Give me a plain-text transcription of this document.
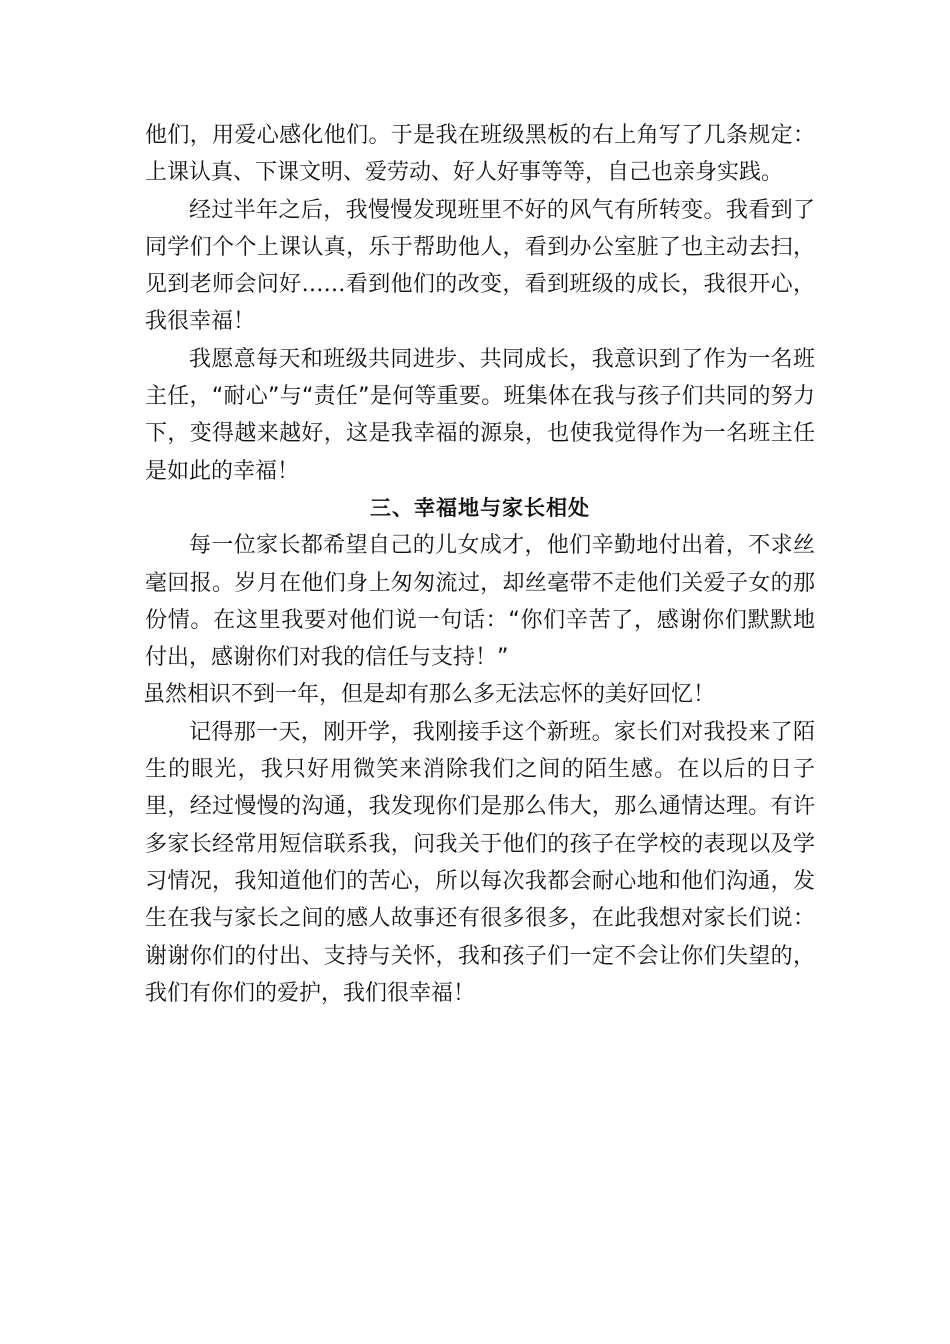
他们，用爱心感化他们。于是我在班级黑板的右上角写了几条规定：上课认真、下课文明、爱劳动、好人好事等等，自己也亲身实践。

经过半年之后，我慢慢发现班里不好的风气有所转变。我看到了同学们个个上课认真，乐于帮助他人，看到办公室脏了也主动去扫，见到老师会问好……看到他们的改变，看到班级的成长，我很开心，我很幸福！

我愿意每天和班级共同进步、共同成长，我意识到了作为一名班主任，“耐心”与“责任”是何等重要。班集体在我与孩子们共同的努力下，变得越来越好，这是我幸福的源泉，也使我觉得作为一名班主任是如此的幸福！

三、幸福地与家长相处

每一位家长都希望自己的儿女成才，他们辛勤地付出着，不求丝毫回报。岁月在他们身上匆匆流过，却丝毫带不走他们关爱子女的那份情。在这里我要对他们说一句话：“你们辛苦了，感谢你们默默地付出，感谢你们对我的信任与支持！”

虽然相识不到一年，但是却有那么多无法忘怀的美好回忆！

记得那一天，刚开学，我刚接手这个新班。家长们对我投来了陌生的眼光，我只好用微笑来消除我们之间的陌生感。在以后的日子里，经过慢慢的沟通，我发现你们是那么伟大，那么通情达理。有许多家长经常用短信联系我，问我关于他们的孩子在学校的表现以及学习情况，我知道他们的苦心，所以每次我都会耐心地和他们沟通，发生在我与家长之间的感人故事还有很多很多，在此我想对家长们说：谢谢你们的付出、支持与关怀，我和孩子们一定不会让你们失望的，我们有你们的爱护，我们很幸福！
